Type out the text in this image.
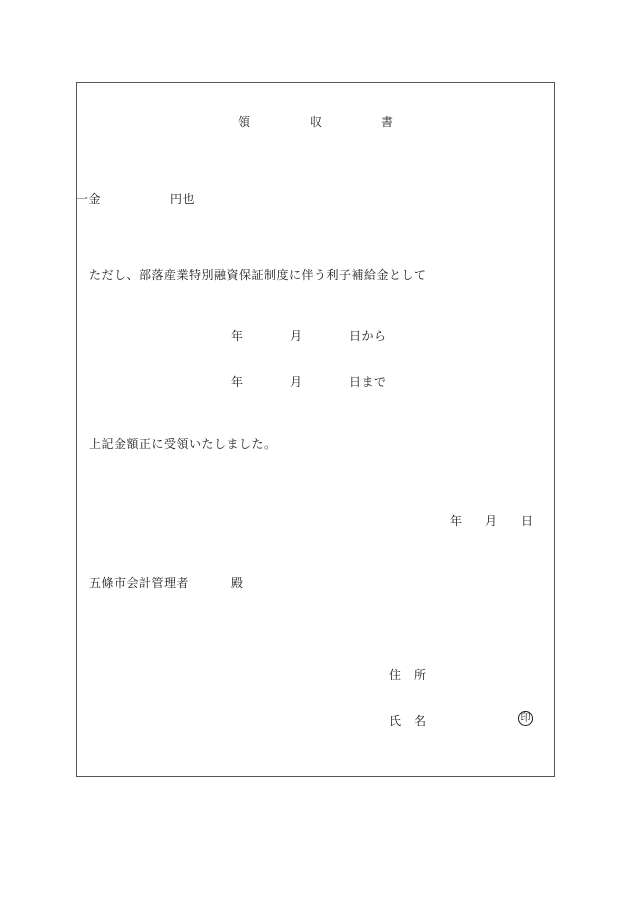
領	収	書
一金	円也
ただし、部落産業特別融資保証制度に伴う利子補給金として
年	月	日から
年	月	日まで
上記金額正に受領いたしました。
年 月 日
五條市会計管理者	殿
住　所
氏　名	印
